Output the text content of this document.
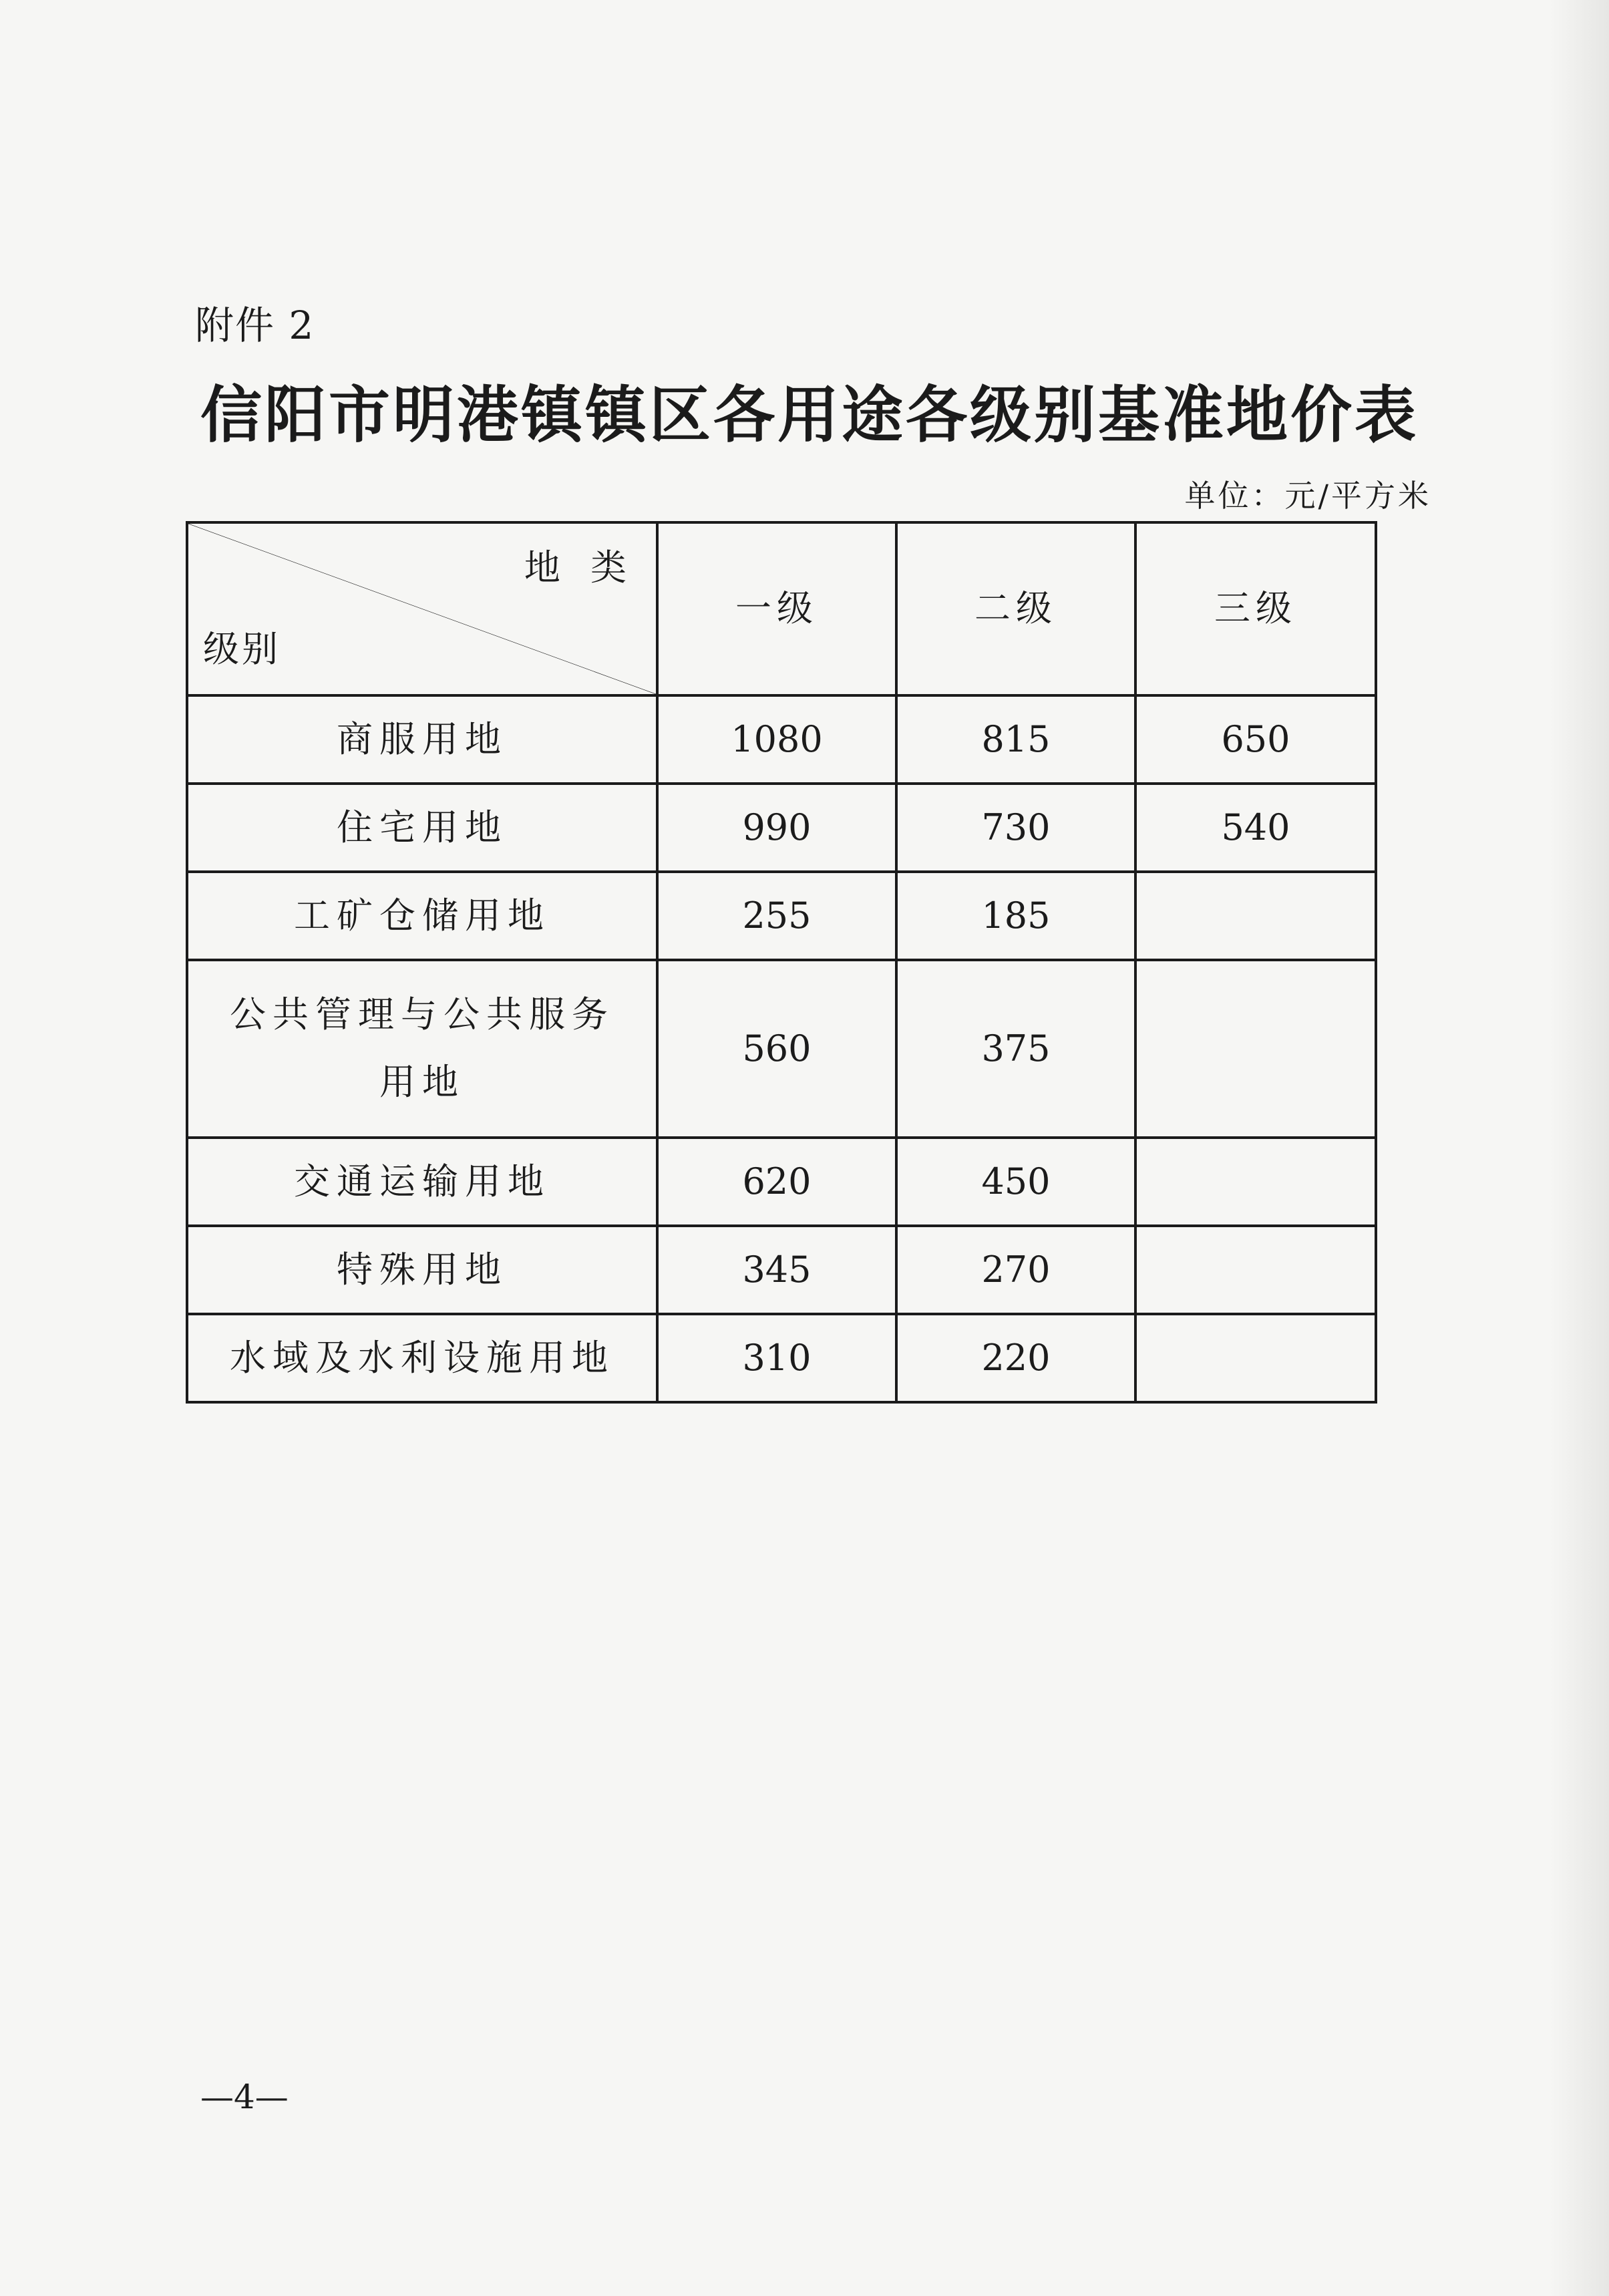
附件 2
信阳市明港镇镇区各用途各级别基准地价表
单位：元/平方米
地 类
级别	一级	二级	三级
商服用地	1080	815	650
住宅用地	990	730	540
工矿仓储用地	255	185	

公共管理与公共服务
用地	560	375	
交通运输用地	620	450	
特殊用地	345	270	
水域及水利设施用地	310	220	
—4—
